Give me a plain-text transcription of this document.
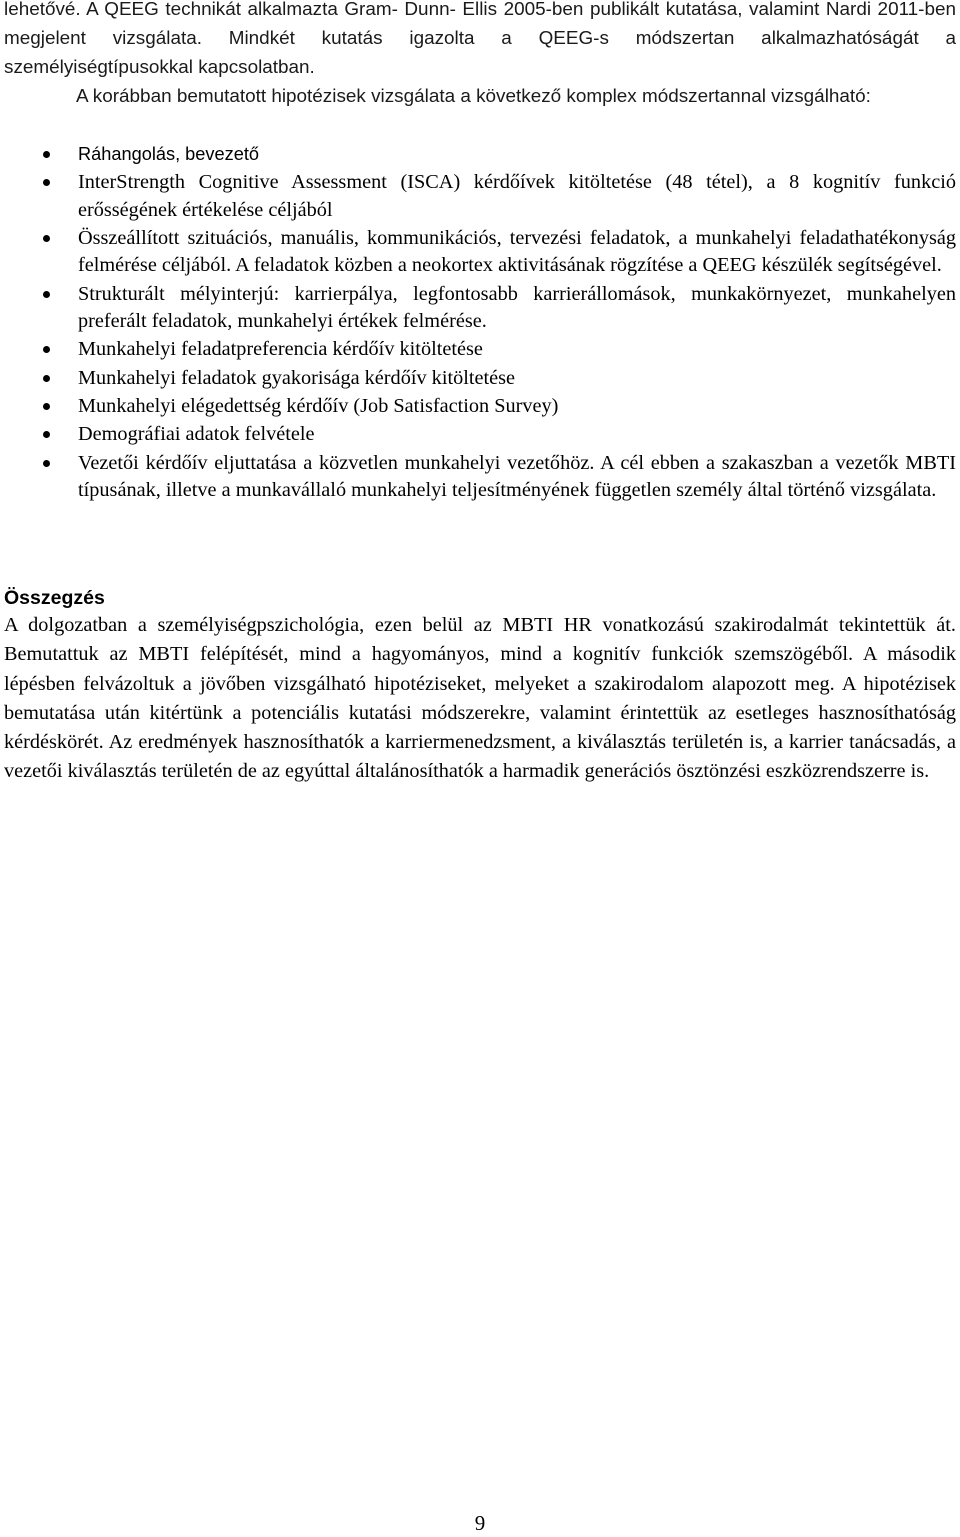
lehetővé. A QEEG technikát alkalmazta Gram- Dunn- Ellis 2005-ben publikált kutatása, valamint Nardi 2011-ben megjelent vizsgálata. Mindkét kutatás igazolta a QEEG-s módszertan alkalmazhatóságát a személyiségtípusokkal kapcsolatban.

A korábban bemutatott hipotézisek vizsgálata a következő komplex módszertannal vizsgálható:

Ráhangolás, bevezető
InterStrength Cognitive Assessment (ISCA) kérdőívek kitöltetése (48 tétel), a 8 kognitív funkció erősségének értékelése céljából
Összeállított szituációs, manuális, kommunikációs, tervezési feladatok, a munkahelyi feladathatékonyság felmérése céljából. A feladatok közben a neokortex aktivitásának rögzítése a QEEG készülék segítségével.
Strukturált mélyinterjú: karrierpálya, legfontosabb karrierállomások, munkakörnyezet, munkahelyen preferált feladatok, munkahelyi értékek felmérése.
Munkahelyi feladatpreferencia kérdőív kitöltetése
Munkahelyi feladatok gyakorisága kérdőív kitöltetése
Munkahelyi elégedettség kérdőív (Job Satisfaction Survey)
Demográfiai adatok felvétele
Vezetői kérdőív eljuttatása a közvetlen munkahelyi vezetőhöz. A cél ebben a szakaszban a vezetők MBTI típusának, illetve a munkavállaló munkahelyi teljesítményének független személy által történő vizsgálata.
Összegzés

A dolgozatban a személyiségpszichológia, ezen belül az MBTI HR vonatkozású szakirodalmát tekintettük át. Bemutattuk az MBTI felépítését, mind a hagyományos, mind a kognitív funkciók szemszögéből. A második lépésben felvázoltuk a jövőben vizsgálható hipotéziseket, melyeket a szakirodalom alapozott meg. A hipotézisek bemutatása után kitértünk a potenciális kutatási módszerekre, valamint érintettük az esetleges hasznosíthatóság kérdéskörét. Az eredmények hasznosíthatók a karriermenedzsment, a kiválasztás területén is, a karrier tanácsadás, a vezetői kiválasztás területén de az egyúttal általánosíthatók a harmadik generációs ösztönzési eszközrendszerre is.

9
